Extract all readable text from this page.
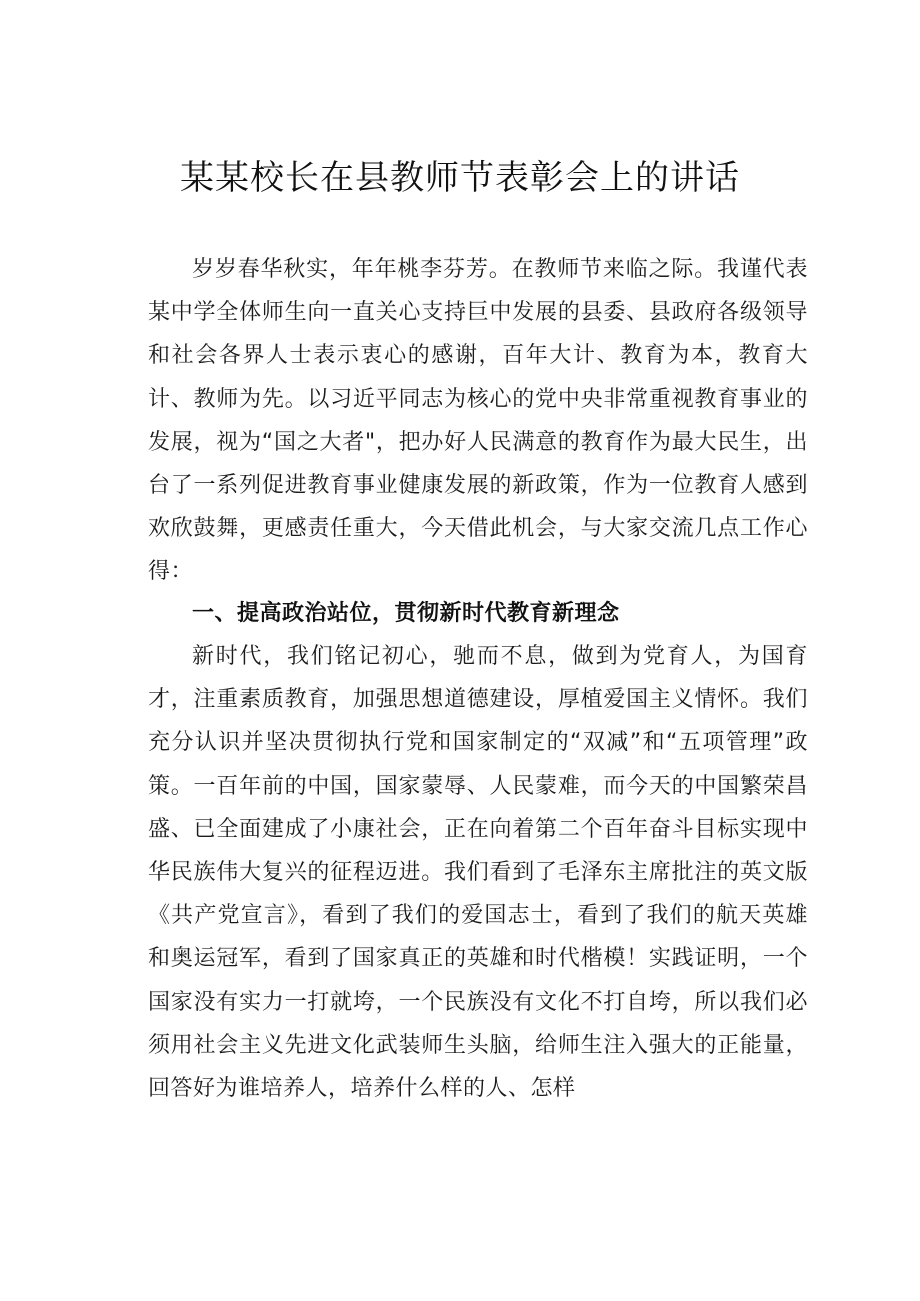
某某校长在县教师节表彰会上的讲话

岁岁春华秋实，年年桃李芬芳。在教师节来临之际。我谨代表某中学全体师生向一直关心支持巨中发展的县委、县政府各级领导和社会各界人士表示衷心的感谢，百年大计、教育为本，教育大计、教师为先。以习近平同志为核心的党中央非常重视教育事业的发展，视为“国之大者"，把办好人民满意的教育作为最大民生，出台了一系列促进教育事业健康发展的新政策，作为一位教育人感到欢欣鼓舞，更感责任重大，今天借此机会，与大家交流几点工作心得：

一、提高政治站位，贯彻新时代教育新理念

新时代，我们铭记初心，驰而不息，做到为党育人，为国育才，注重素质教育，加强思想道德建设，厚植爱国主义情怀。我们充分认识并坚决贯彻执行党和国家制定的“双减”和“五项管理”政策。一百年前的中国，国家蒙辱、人民蒙难，而今天的中国繁荣昌盛、已全面建成了小康社会，正在向着第二个百年奋斗目标实现中华民族伟大复兴的征程迈进。我们看到了毛泽东主席批注的英文版《共产党宣言》，看到了我们的爱国志士，看到了我们的航天英雄和奥运冠军，看到了国家真正的英雄和时代楷模！实践证明，一个国家没有实力一打就垮，一个民族没有文化不打自垮，所以我们必须用社会主义先进文化武装师生头脑，给师生注入强大的正能量，回答好为谁培养人，培养什么样的人、怎样
